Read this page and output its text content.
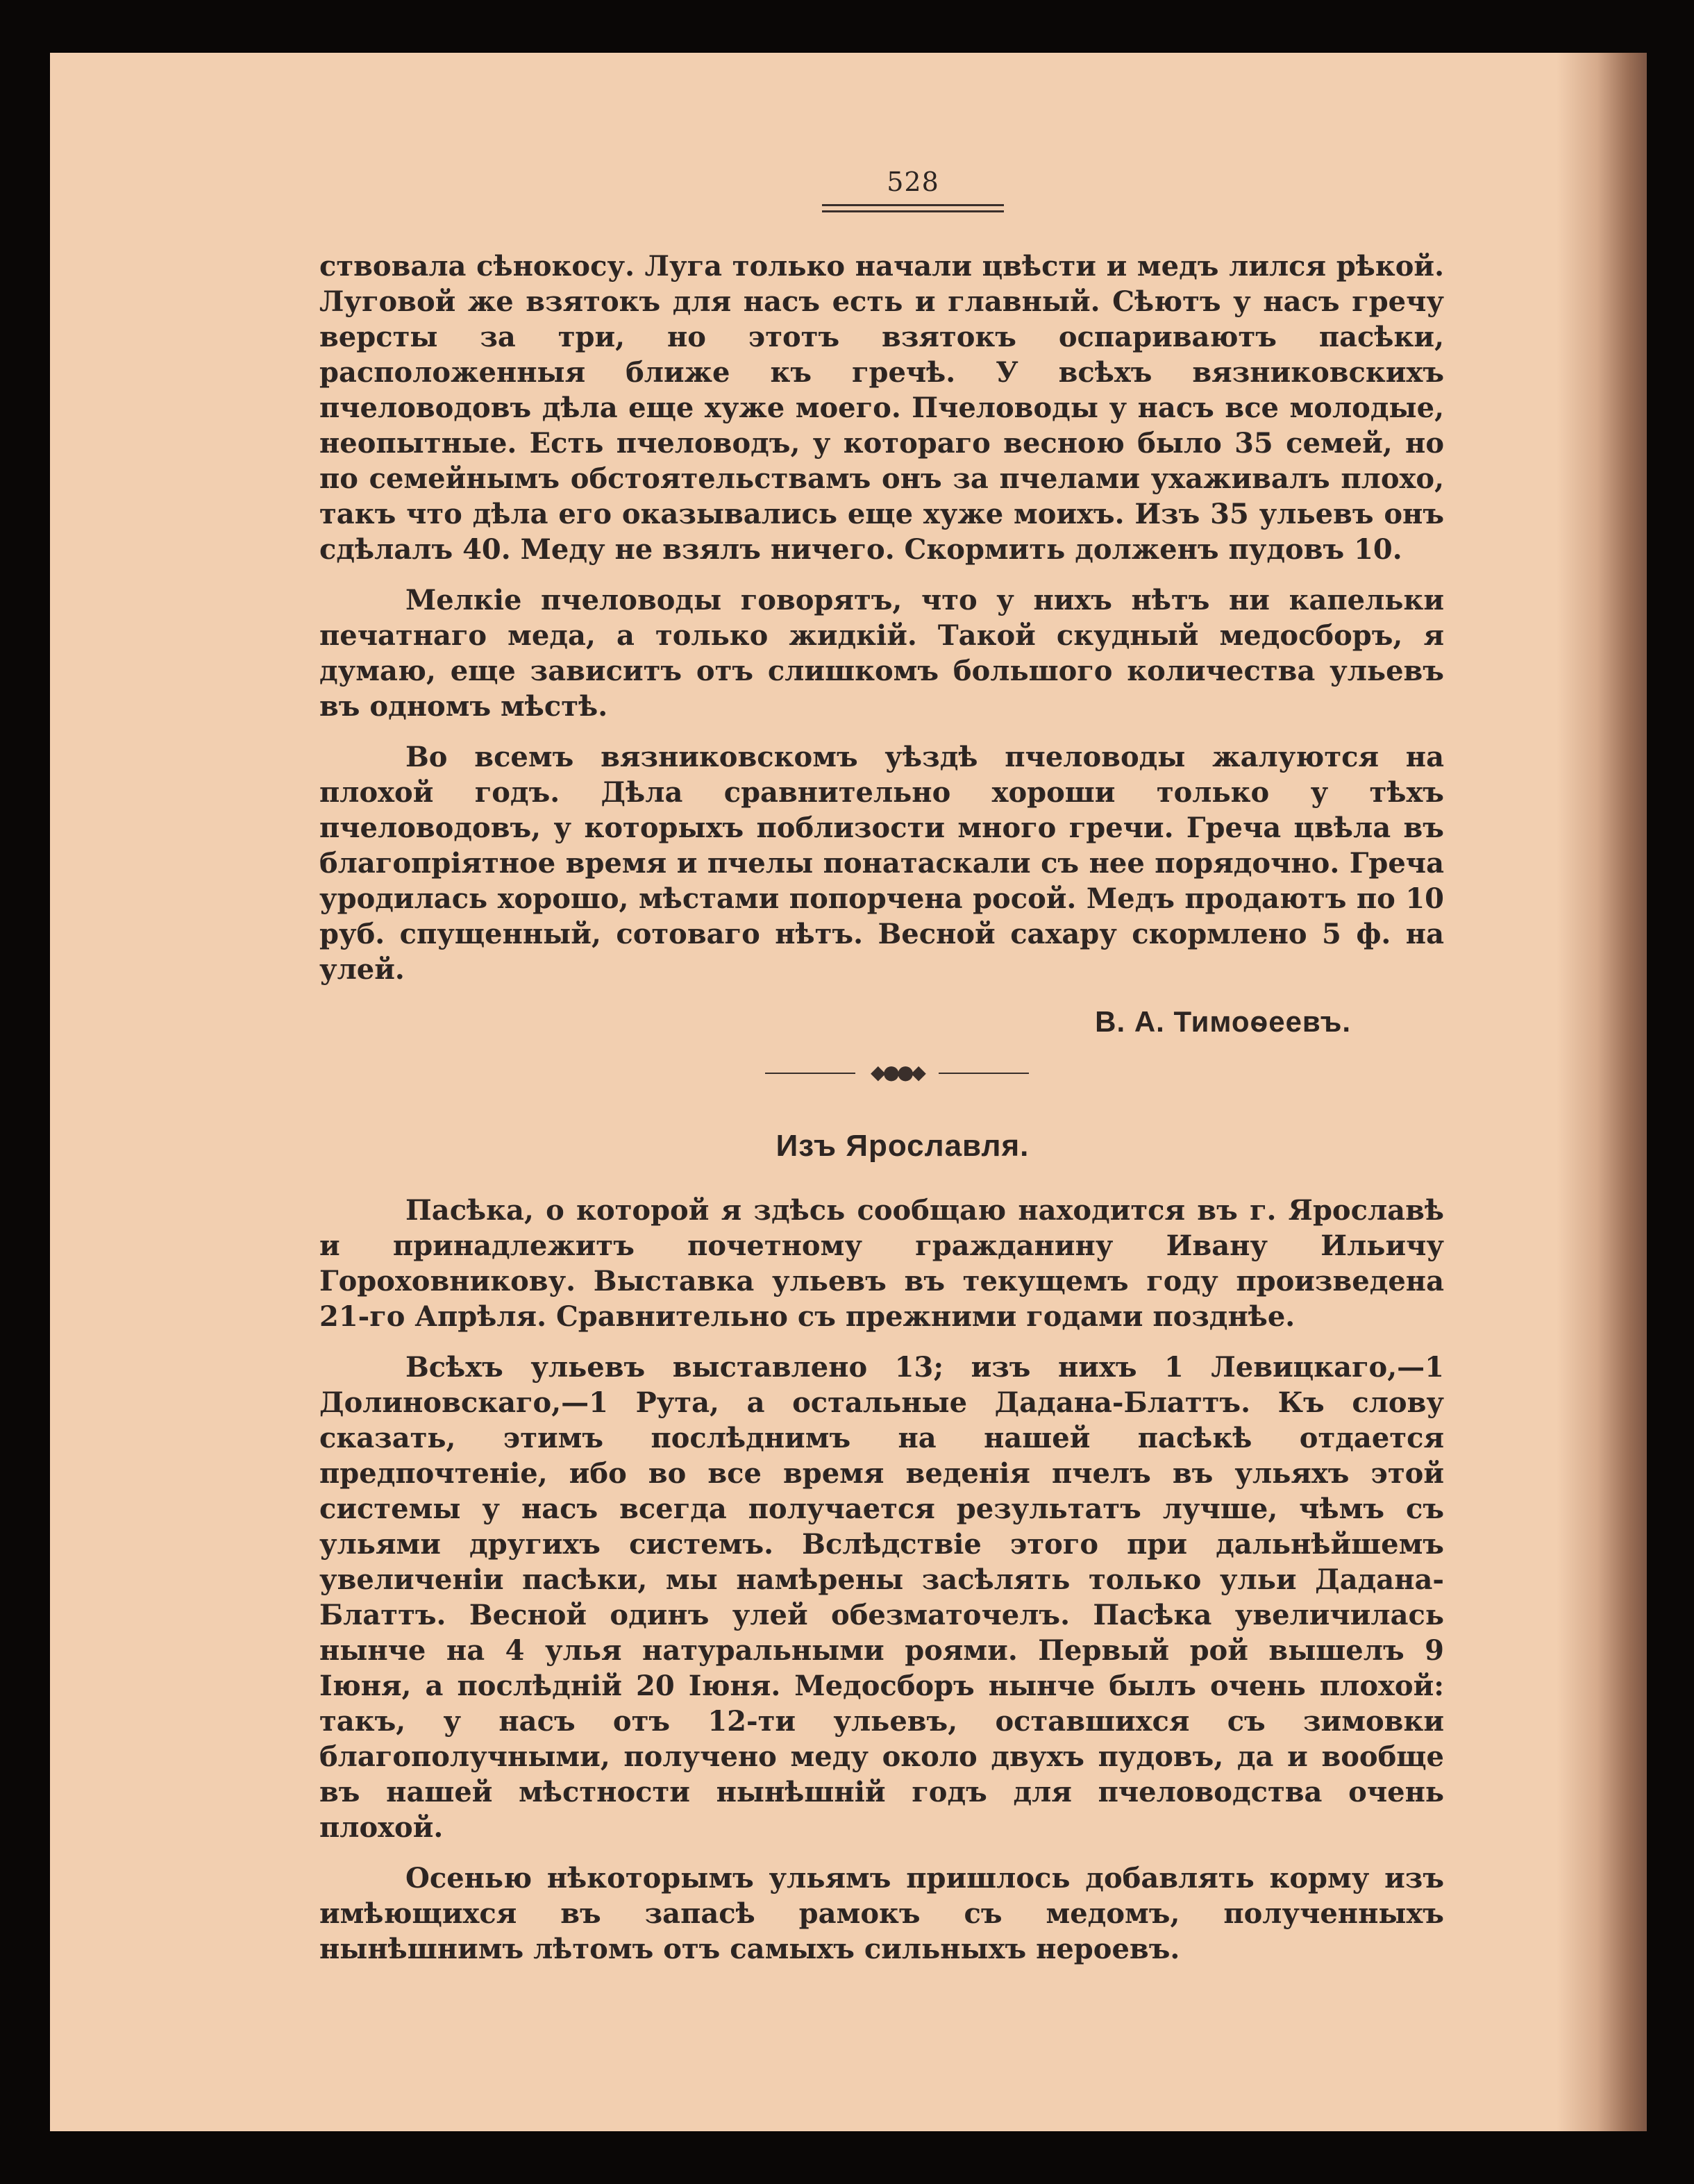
528

ствовала сѣнокосу. Луга только начали цвѣсти и медъ лился рѣкой. Луговой же взятокъ для насъ есть и главный. Сѣютъ у насъ гречу версты за три, но этотъ взятокъ оспариваютъ пасѣки, расположенныя ближе къ гречѣ. У всѣхъ вязниковскихъ пчеловодовъ дѣла еще хуже моего. Пчеловоды у насъ все молодые, неопытные. Есть пчеловодъ, у котораго весною было 35 семей, но по семейнымъ обстоятельствамъ онъ за пчелами ухаживалъ плохо, такъ что дѣла его оказывались еще хуже моихъ. Изъ 35 ульевъ онъ сдѣлалъ 40. Меду не взялъ ничего. Скормить долженъ пудовъ 10.

Мелкіе пчеловоды говорятъ, что у нихъ нѣтъ ни капельки печатнаго меда, а только жидкій. Такой скудный медосборъ, я думаю, еще зависитъ отъ слишкомъ большого количества ульевъ въ одномъ мѣстѣ.

Во всемъ вязниковскомъ уѣздѣ пчеловоды жалуются на плохой годъ. Дѣла сравнительно хороши только у тѣхъ пчеловодовъ, у которыхъ поблизости много гречи. Греча цвѣла въ благопріятное время и пчелы понатаскали съ нее порядочно. Греча уродилась хорошо, мѣстами попорчена росой. Медъ продаютъ по 10 руб. спущенный, сотоваго нѣтъ. Весной сахару скормлено 5 ф. на улей.

В. А. Тимоѳеевъ.
◆●●◆
Изъ Ярославля.

Пасѣка, о которой я здѣсь сообщаю находится въ г. Ярославѣ и принадлежитъ почетному гражданину Ивану Ильичу Гороховникову. Выставка ульевъ въ текущемъ году произведена 21-го Апрѣля. Сравнительно съ прежними годами позднѣе.

Всѣхъ ульевъ выставлено 13; изъ нихъ 1 Левицкаго,—1 Долиновскаго,—1 Рута, а остальные Дадана-Блаттъ. Къ слову сказать, этимъ послѣднимъ на нашей пасѣкѣ отдается предпочтеніе, ибо во все время веденія пчелъ въ ульяхъ этой системы у насъ всегда получается результатъ лучше, чѣмъ съ ульями другихъ системъ. Вслѣдствіе этого при дальнѣйшемъ увеличеніи пасѣки, мы намѣрены засѣлять только ульи Дадана-Блаттъ. Весной одинъ улей обезматочелъ. Пасѣка увеличилась нынче на 4 улья натуральными роями. Первый рой вышелъ 9 Іюня, а послѣдній 20 Іюня. Медосборъ нынче былъ очень плохой: такъ, у насъ отъ 12-ти ульевъ, оставшихся съ зимовки благополучными, получено меду около двухъ пудовъ, да и вообще въ нашей мѣстности нынѣшній годъ для пчеловодства очень плохой.

Осенью нѣкоторымъ ульямъ пришлось добавлять корму изъ имѣющихся въ запасѣ рамокъ съ медомъ, полученныхъ нынѣшнимъ лѣтомъ отъ самыхъ сильныхъ нероевъ.
